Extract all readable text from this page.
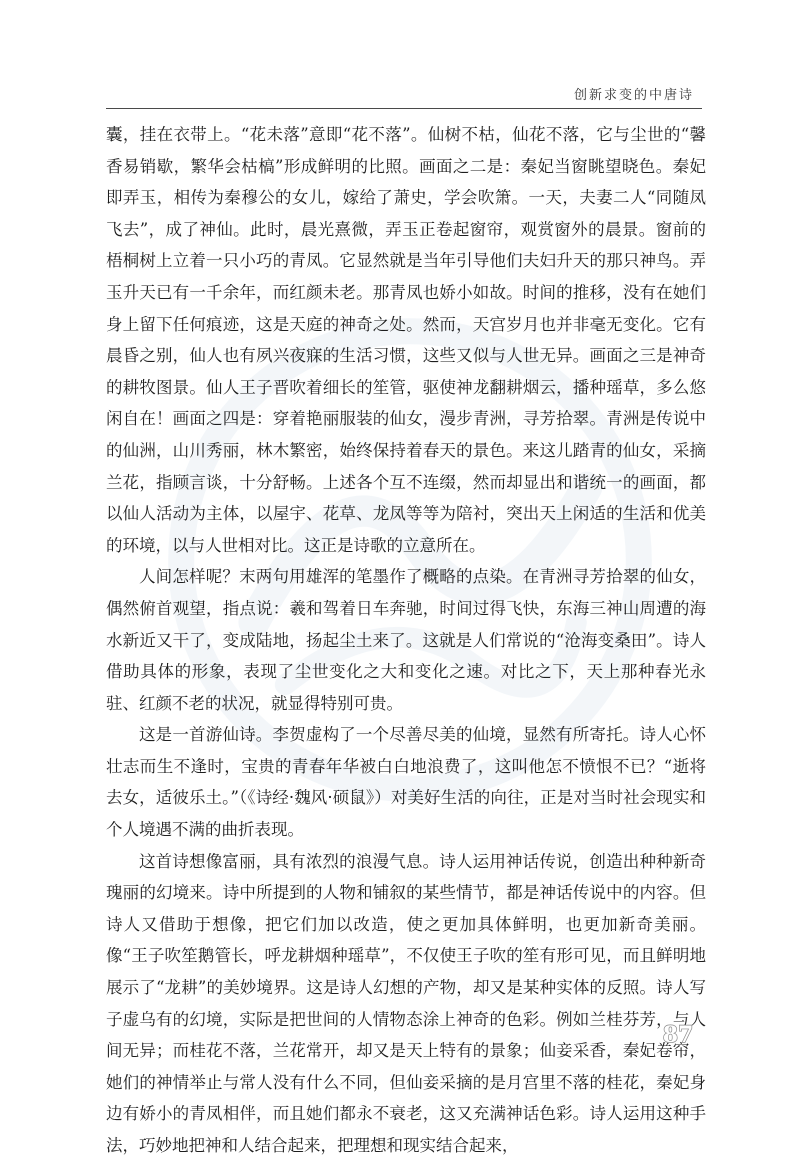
创新求变的中唐诗

囊，挂在衣带上。“花未落”意即“花不落”。仙树不枯，仙花不落，它与尘世的“馨香易销歇，繁华会枯槁”形成鲜明的比照。画面之二是：秦妃当窗眺望晓色。秦妃即弄玉，相传为秦穆公的女儿，嫁给了萧史，学会吹箫。一天，夫妻二人“同随凤飞去”，成了神仙。此时，晨光熹微，弄玉正卷起窗帘，观赏窗外的晨景。窗前的梧桐树上立着一只小巧的青凤。它显然就是当年引导他们夫妇升天的那只神鸟。弄玉升天已有一千余年，而红颜未老。那青凤也娇小如故。时间的推移，没有在她们身上留下任何痕迹，这是天庭的神奇之处。然而，天宫岁月也并非毫无变化。它有晨昏之别，仙人也有夙兴夜寐的生活习惯，这些又似与人世无异。画面之三是神奇的耕牧图景。仙人王子晋吹着细长的笙管，驱使神龙翻耕烟云，播种瑶草，多么悠闲自在！画面之四是：穿着艳丽服装的仙女，漫步青洲，寻芳拾翠。青洲是传说中的仙洲，山川秀丽，林木繁密，始终保持着春天的景色。来这儿踏青的仙女，采摘兰花，指顾言谈，十分舒畅。上述各个互不连缀，然而却显出和谐统一的画面，都以仙人活动为主体，以屋宇、花草、龙凤等等为陪衬，突出天上闲适的生活和优美的环境，以与人世相对比。这正是诗歌的立意所在。

人间怎样呢？末两句用雄浑的笔墨作了概略的点染。在青洲寻芳拾翠的仙女，偶然俯首观望，指点说：羲和驾着日车奔驰，时间过得飞快，东海三神山周遭的海水新近又干了，变成陆地，扬起尘土来了。这就是人们常说的“沧海变桑田”。诗人借助具体的形象，表现了尘世变化之大和变化之速。对比之下，天上那种春光永驻、红颜不老的状况，就显得特别可贵。

这是一首游仙诗。李贺虚构了一个尽善尽美的仙境，显然有所寄托。诗人心怀壮志而生不逢时，宝贵的青春年华被白白地浪费了，这叫他怎不愤恨不已？“逝将去女，适彼乐土。”（《诗经·魏风·硕鼠》）对美好生活的向往，正是对当时社会现实和个人境遇不满的曲折表现。

这首诗想像富丽，具有浓烈的浪漫气息。诗人运用神话传说，创造出种种新奇瑰丽的幻境来。诗中所提到的人物和铺叙的某些情节，都是神话传说中的内容。但诗人又借助于想像，把它们加以改造，使之更加具体鲜明，也更加新奇美丽。像“王子吹笙鹅管长，呼龙耕烟种瑶草”，不仅使王子吹的笙有形可见，而且鲜明地展示了“龙耕”的美妙境界。这是诗人幻想的产物，却又是某种实体的反照。诗人写子虚乌有的幻境，实际是把世间的人情物态涂上神奇的色彩。例如兰桂芬芳，与人间无异；而桂花不落，兰花常开，却又是天上特有的景象；仙妾采香，秦妃卷帘，她们的神情举止与常人没有什么不同，但仙妾采摘的是月宫里不落的桂花，秦妃身边有娇小的青凤相伴，而且她们都永不衰老，这又充满神话色彩。诗人运用这种手法，巧妙地把神和人结合起来，把理想和现实结合起来，

87
